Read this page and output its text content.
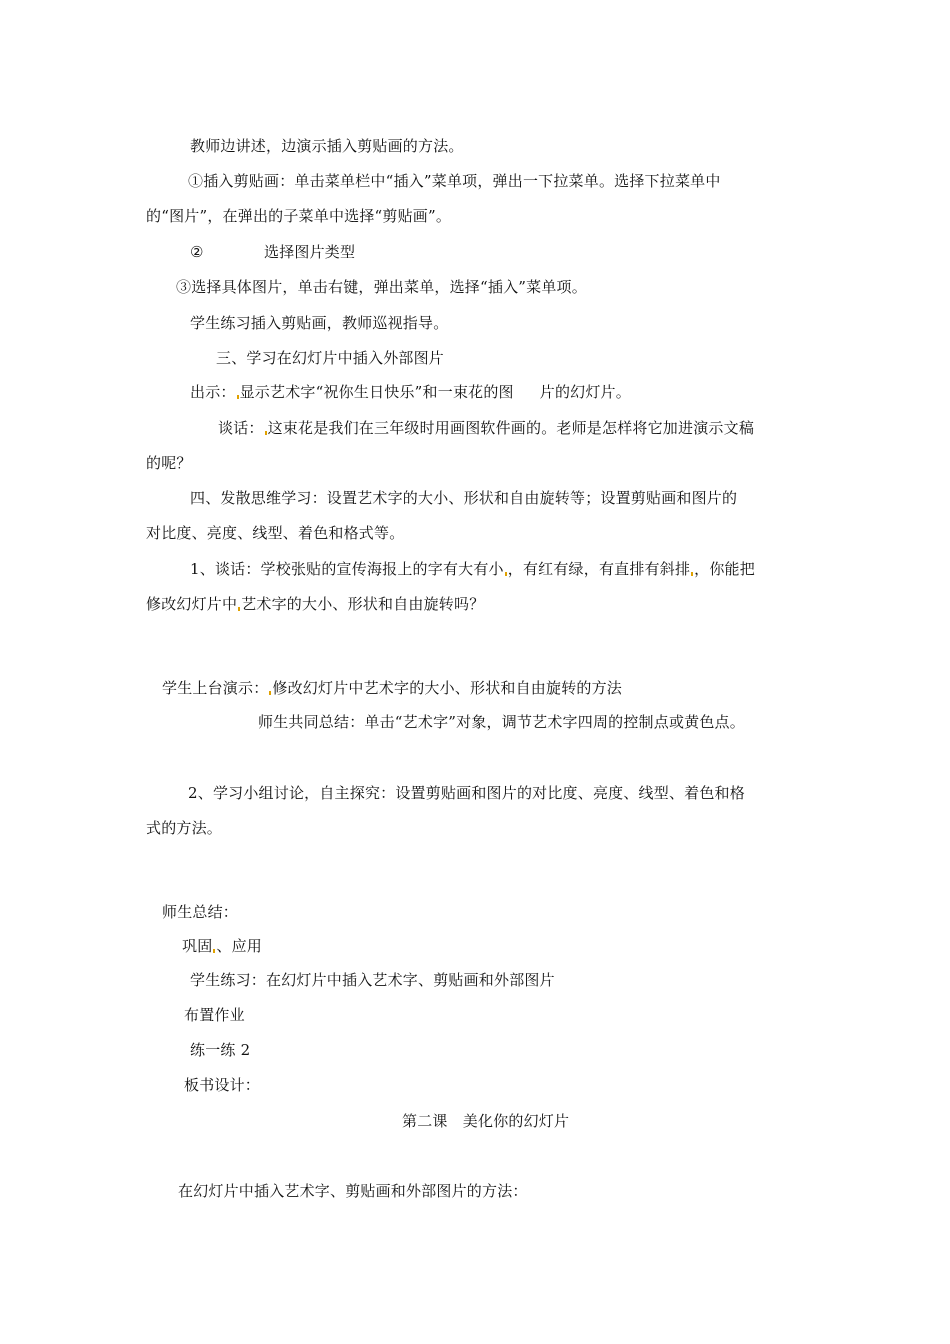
教师边讲述，边演示插入剪贴画的方法。
①插入剪贴画：单击菜单栏中“插入”菜单项，弹出一下拉菜单。选择下拉菜单中
的“图片”，在弹出的子菜单中选择“剪贴画”。
②	选择图片类型
③选择具体图片，单击右键，弹出菜单，选择“插入”菜单项。
学生练习插入剪贴画，教师巡视指导。
三、学习在幻灯片中插入外部图片
出示： 显示艺术字“祝你生日快乐”和一束花的图 片的幻灯片。
谈话： 这束花是我们在三年级时用画图软件画的。老师是怎样将它加进演示文稿
的呢？
四、发散思维学习：设置艺术字的大小、形状和自由旋转等；设置剪贴画和图片的
对比度、亮度、线型、着色和格式等。
1、谈话：学校张贴的宣传海报上的字有大有小 ，有红有绿，有直排有斜排 ，你能把
修改幻灯片中 艺术字的大小、形状和自由旋转吗？
学生上台演示： 修改幻灯片中艺术字的大小、形状和自由旋转的方法
师生共同总结：单击“艺术字”对象，调节艺术字四周的控制点或黄色点。
2、学习小组讨论，自主探究：设置剪贴画和图片的对比度、亮度、线型、着色和格
式的方法。
师生总结：
巩固 、应用
学生练习：在幻灯片中插入艺术字、剪贴画和外部图片
布置作业
练一练 2
板书设计：
第二课　美化你的幻灯片
在幻灯片中插入艺术字、剪贴画和外部图片的方法：
